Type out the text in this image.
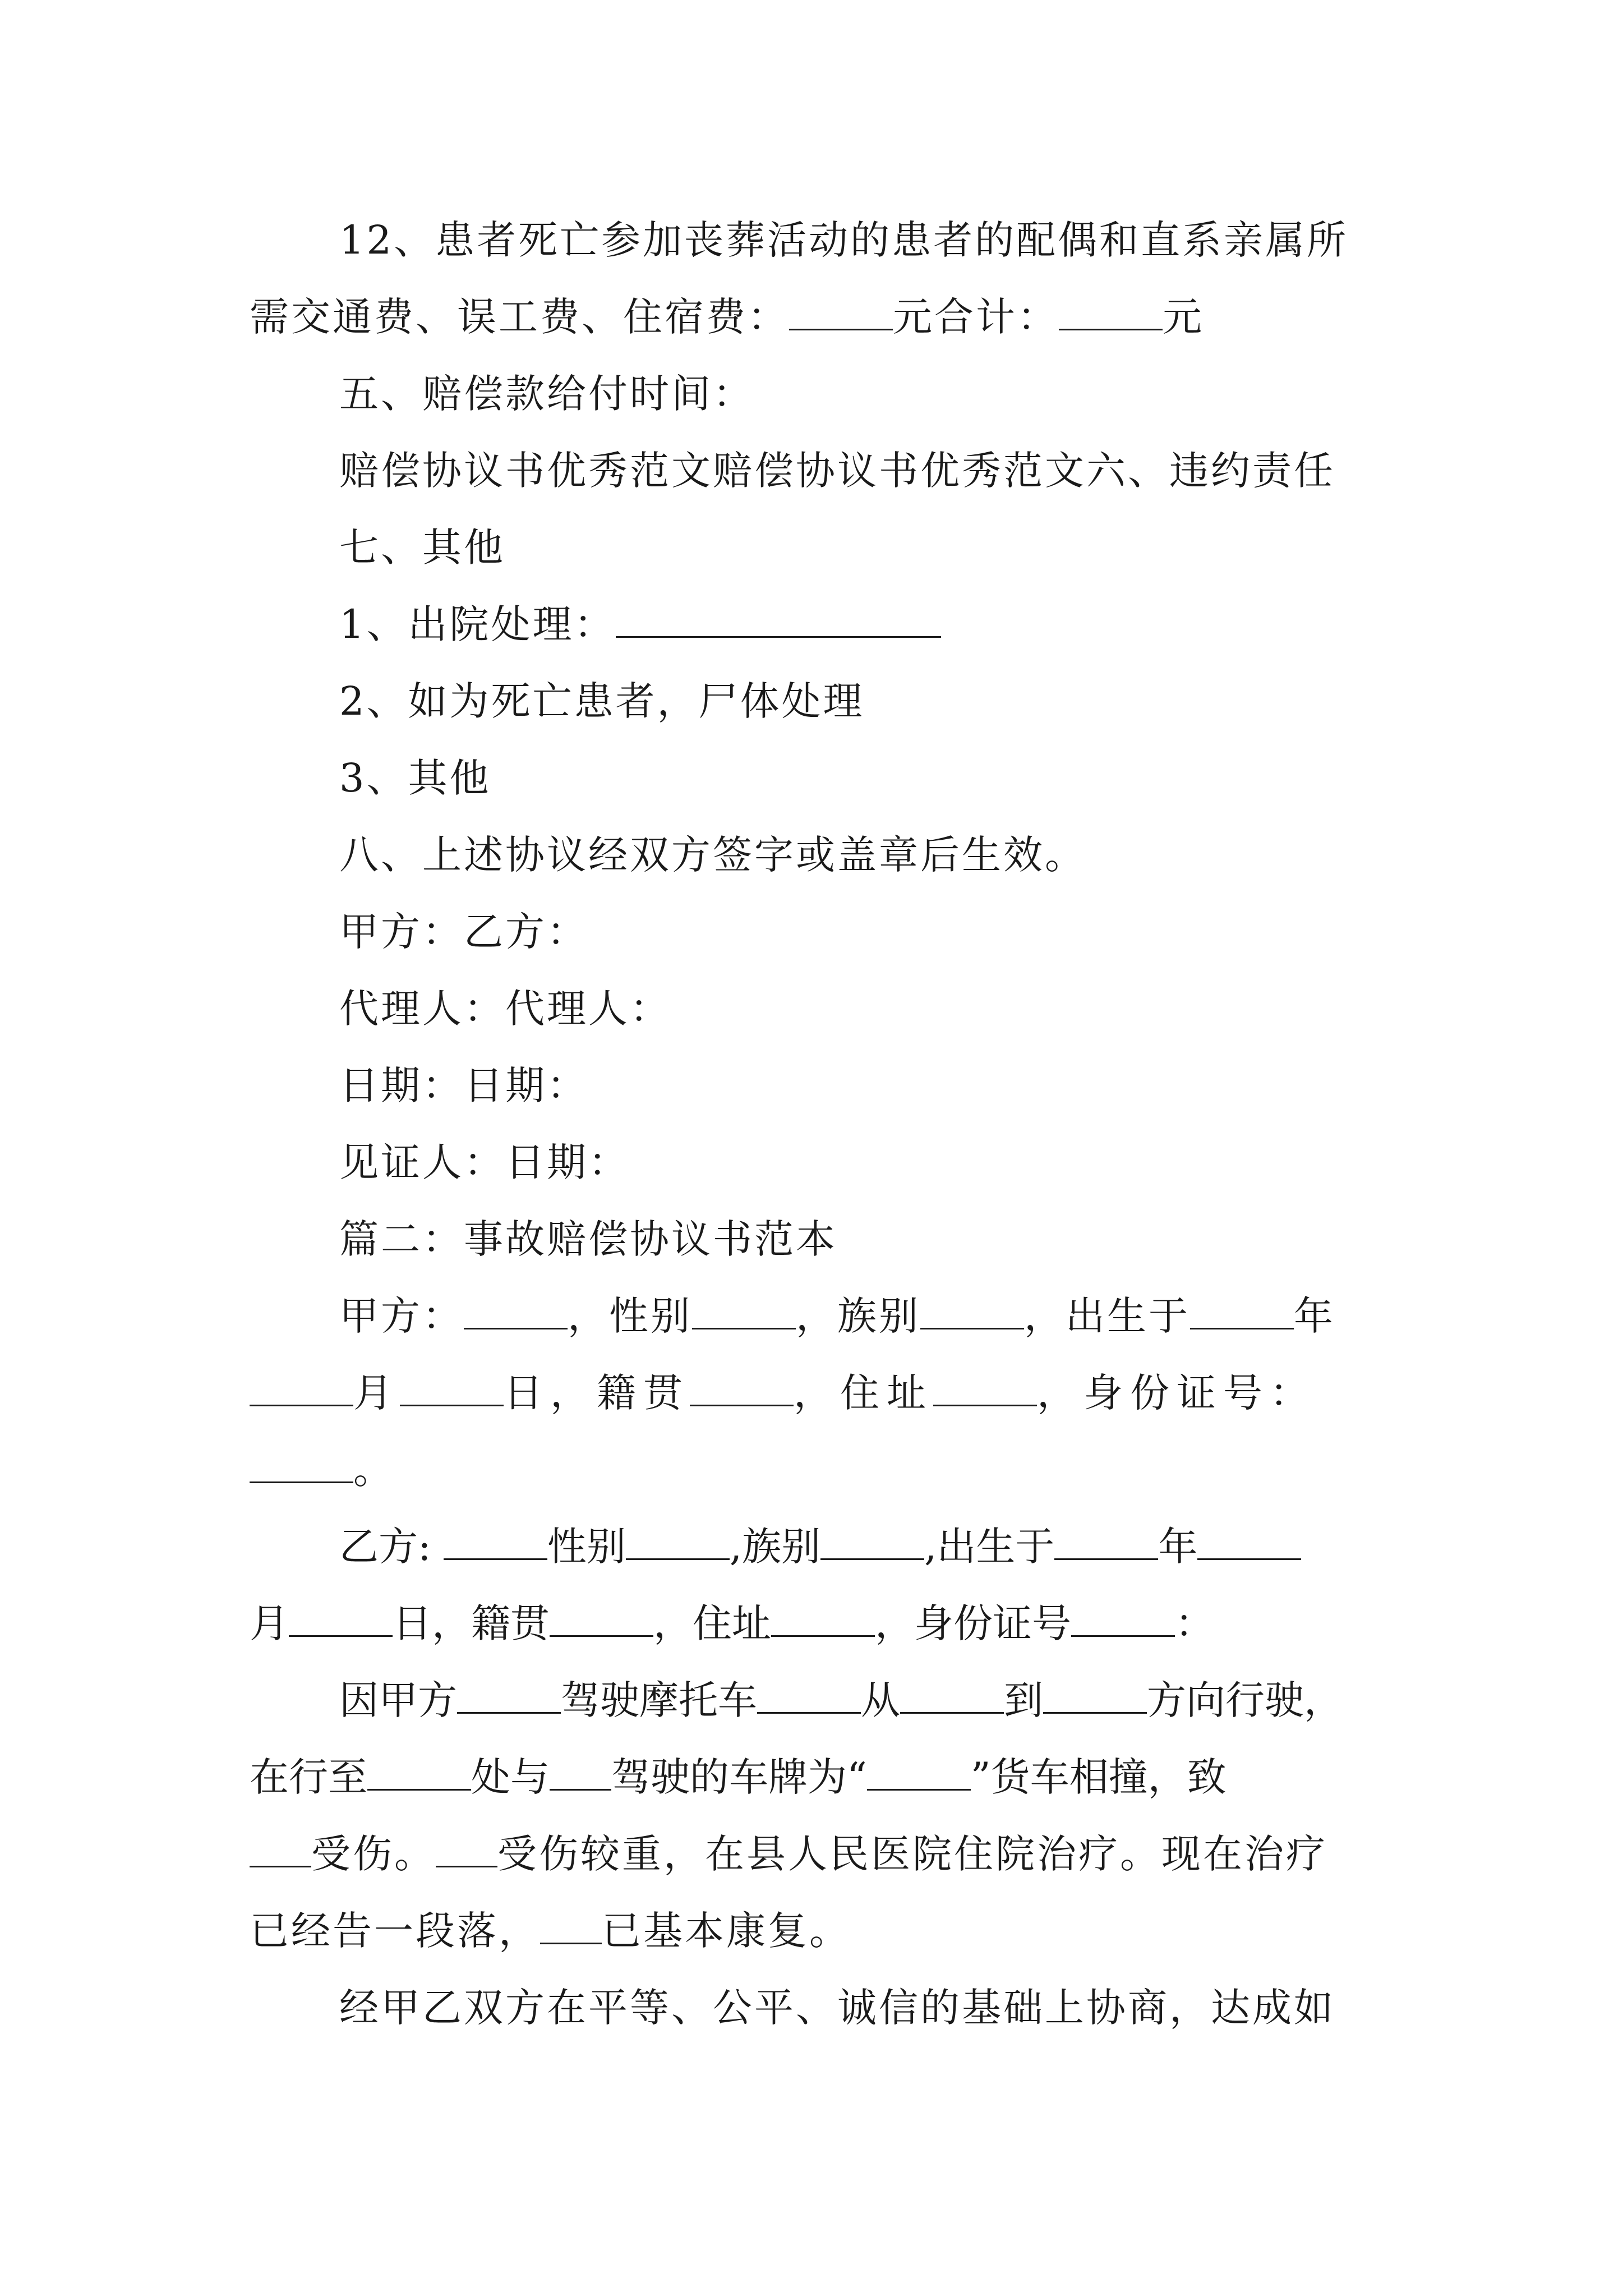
12、患者死亡参加丧葬活动的患者的配偶和直系亲属所
需交通费、误工费、住宿费：	元合计：	元
五、赔偿款给付时间：
赔偿协议书优秀范文赔偿协议书优秀范文六、违约责任
七、其他
1、出院处理：
2、如为死亡患者，尸体处理
3、其他
八、上述协议经双方签字或盖章后生效。
甲方：乙方：
代理人：代理人：
日期：日期：
见证人：日期：
篇二：事故赔偿协议书范本
甲方：	，性别	，族别	，出生于	年
月	日，籍贯	，住址	，身份证号：
。
乙方:	性别	,族别	,出生于	年
月	日，籍贯	，住址	，身份证号	：
因甲方	驾驶摩托车	从	到	方向行驶，
在行至	处与 驾驶的车牌为“	”货车相撞，致
受伤。 受伤较重，在县人民医院住院治疗。现在治疗
已经告一段落， 已基本康复。
经甲乙双方在平等、公平、诚信的基础上协商，达成如
